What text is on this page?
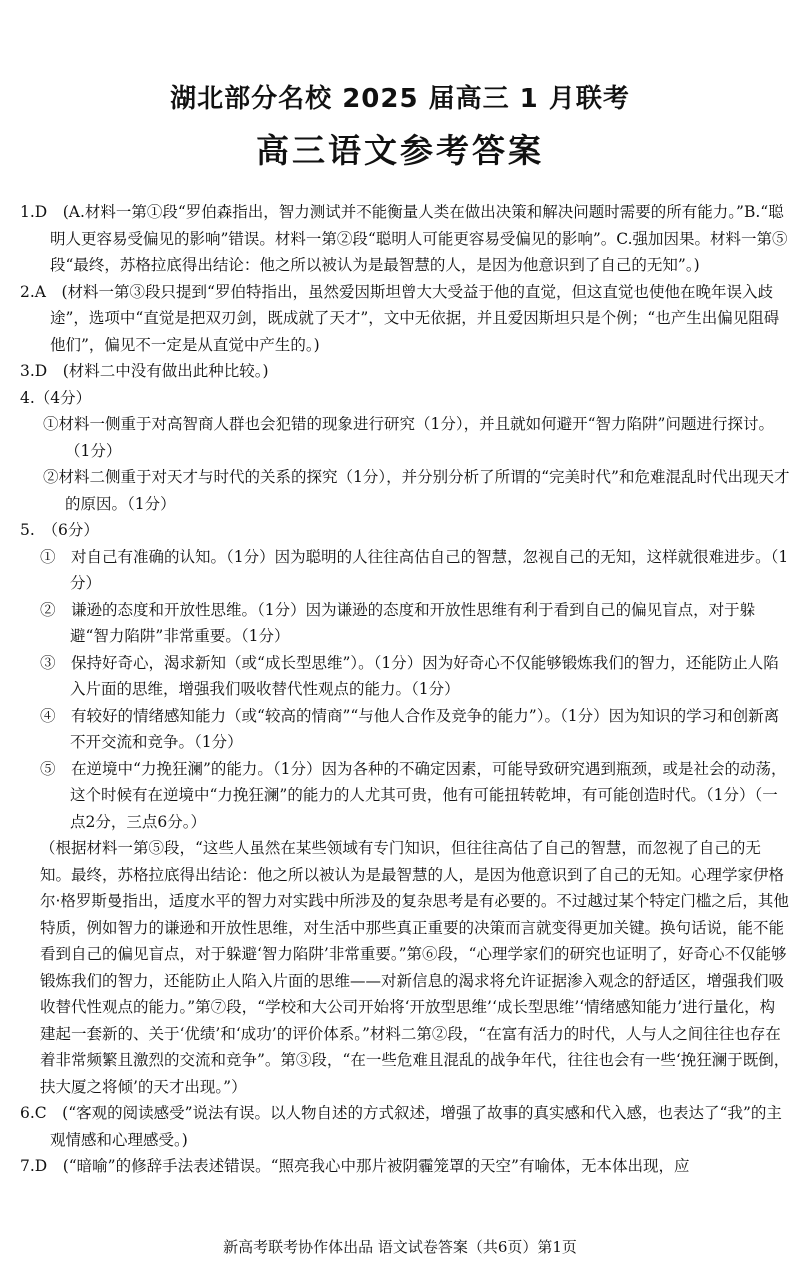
湖北部分名校 2025 届高三 1 月联考
高三语文参考答案

1.D　(A.材料一第①段“罗伯森指出，智力测试并不能衡量人类在做出决策和解决问题时需要的所有能力。”B.“聪明人更容易受偏见的影响”错误。材料一第②段“聪明人可能更容易受偏见的影响”。C.强加因果。材料一第⑤段“最终，苏格拉底得出结论：他之所以被认为是最智慧的人，是因为他意识到了自己的无知”。)

2.A　(材料一第③段只提到“罗伯特指出，虽然爱因斯坦曾大大受益于他的直觉，但这直觉也使他在晚年误入歧途”，选项中“直觉是把双刃剑，既成就了天才”，文中无依据，并且爱因斯坦只是个例；“也产生出偏见阻碍他们”，偏见不一定是从直觉中产生的。)

3.D　(材料二中没有做出此种比较。)

4.（4分）

①材料一侧重于对高智商人群也会犯错的现象进行研究（1分），并且就如何避开“智力陷阱”问题进行探讨。（1分）

②材料二侧重于对天才与时代的关系的探究（1分），并分别分析了所谓的“完美时代”和危难混乱时代出现天才的原因。（1分）

5.　（6分）

①　 对自己有准确的认知。（1分）因为聪明的人往往高估自己的智慧，忽视自己的无知，这样就很难进步。（1分）
②　 谦逊的态度和开放性思维。（1分）因为谦逊的态度和开放性思维有利于看到自己的偏见盲点，对于躲避“智力陷阱”非常重要。（1分）
③　 保持好奇心，渴求新知（或“成长型思维”）。（1分）因为好奇心不仅能够锻炼我们的智力，还能防止人陷入片面的思维，增强我们吸收替代性观点的能力。（1分）
④　 有较好的情绪感知能力（或“较高的情商”“与他人合作及竞争的能力”）。（1分）因为知识的学习和创新离不开交流和竞争。（1分）
⑤　 在逆境中“力挽狂澜”的能力。（1分）因为各种的不确定因素，可能导致研究遇到瓶颈，或是社会的动荡，这个时候有在逆境中“力挽狂澜”的能力的人尤其可贵，他有可能扭转乾坤，有可能创造时代。（1分）（一点2分，三点6分。）

（根据材料一第⑤段，“这些人虽然在某些领域有专门知识，但往往高估了自己的智慧，而忽视了自己的无知。最终，苏格拉底得出结论：他之所以被认为是最智慧的人，是因为他意识到了自己的无知。心理学家伊格尔·格罗斯曼指出，适度水平的智力对实践中所涉及的复杂思考是有必要的。不过越过某个特定门槛之后，其他特质，例如智力的谦逊和开放性思维，对生活中那些真正重要的决策而言就变得更加关键。换句话说，能不能看到自己的偏见盲点，对于躲避‘智力陷阱’非常重要。”第⑥段，“心理学家们的研究也证明了，好奇心不仅能够锻炼我们的智力，还能防止人陷入片面的思维——对新信息的渴求将允许证据渗入观念的舒适区，增强我们吸收替代性观点的能力。”第⑦段，“学校和大公司开始将‘开放型思维’‘成长型思维’‘情绪感知能力’进行量化，构建起一套新的、关于‘优绩’和‘成功’的评价体系。”材料二第②段，“在富有活力的时代，人与人之间往往也存在着非常频繁且激烈的交流和竞争”。第③段，“在一些危难且混乱的战争年代，往往也会有一些‘挽狂澜于既倒，扶大厦之将倾’的天才出现。”）

6.C　(“客观的阅读感受”说法有误。以人物自述的方式叙述，增强了故事的真实感和代入感，也表达了“我”的主观情感和心理感受。)

7.D　(“暗喻”的修辞手法表述错误。“照亮我心中那片被阴霾笼罩的天空”有喻体，无本体出现，应

新高考联考协作体出品 语文试卷答案（共6页）第1页
